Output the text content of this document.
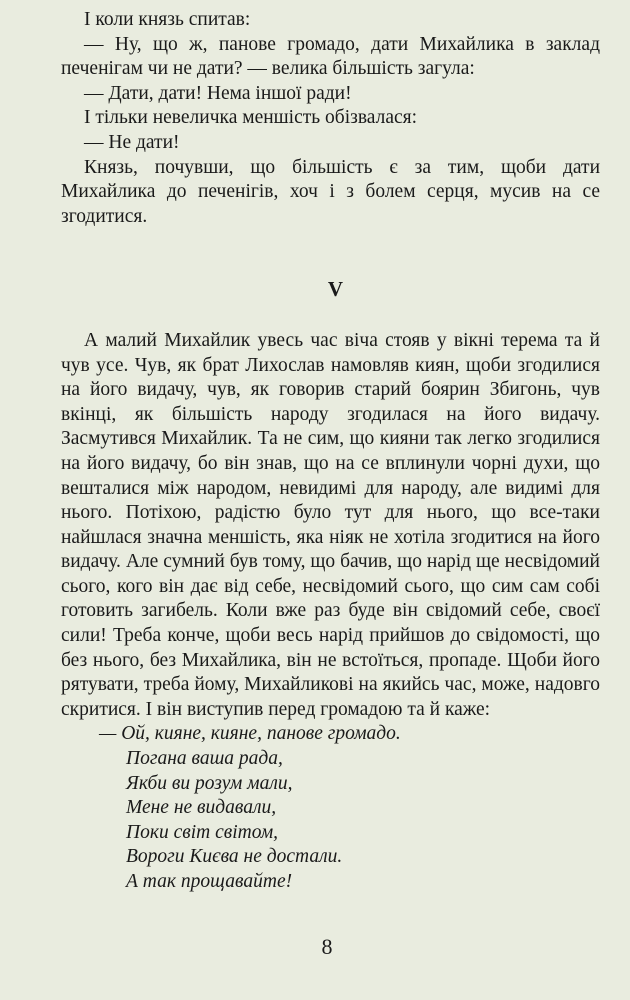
І коли князь спитав:

— Ну, що ж, панове громадо, дати Михайлика в заклад печенігам чи не дати? — велика більшість загула:

— Дати, дати! Нема іншої ради!

І тільки невеличка меншість обізвалася:

— Не дати!

Князь, почувши, що більшість є за тим, щоби дати Михайлика до печенігів, хоч і з болем серця, мусив на се згодитися.

V

А малий Михайлик увесь час віча стояв у вікні терема та й чув усе. Чув, як брат Лихослав намовляв киян, щоби згодилися на його видачу, чув, як говорив старий боярин Збигонь, чув вкінці, як більшість народу згодилася на його видачу. Засмутився Михайлик. Та не сим, що кияни так легко згодилися на його видачу, бо він знав, що на се вплинули чорні духи, що вешталися між народом, невидимі для народу, але видимі для нього. Потіхою, радістю було тут для нього, що все-таки найшлася значна меншість, яка ніяк не хотіла згодитися на його видачу. Але сумний був тому, що бачив, що нарід ще несвідомий сього, кого він дає від себе, несвідомий сього, що сим сам собі готовить загибель. Коли вже раз буде він свідомий себе, своєї сили! Треба конче, щоби весь нарід прийшов до свідомості, що без нього, без Михайлика, він не встоїться, пропаде. Щоби його рятувати, треба йому, Михайликові на якийсь час, може, надовго скритися. І він виступив перед громадою та й каже:

— Ой, кияне, кияне, панове громадо.
Погана ваша рада,
Якби ви розум мали,
Мене не видавали,
Поки світ світом,
Вороги Києва не достали.
А так прощавайте!
8
